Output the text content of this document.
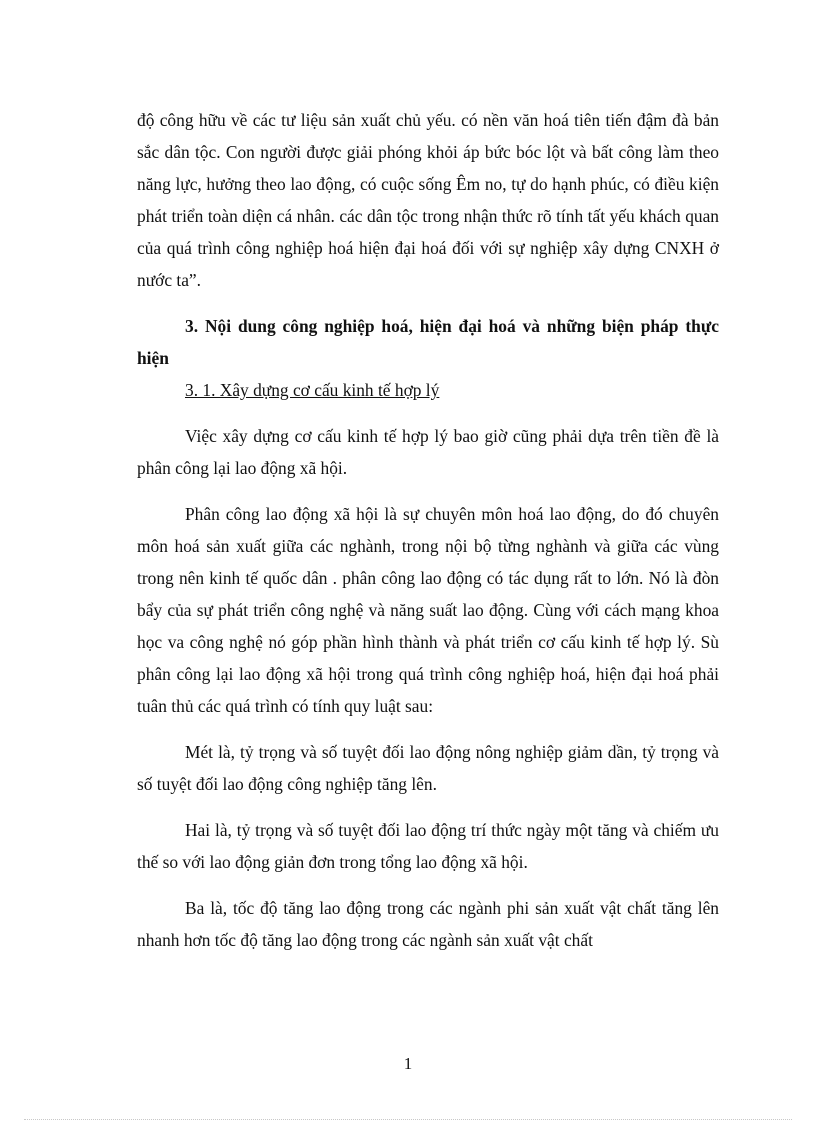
độ công hữu về các tư liệu sản xuất chủ yếu. có nền văn hoá tiên tiến đậm đà bản sắc dân tộc. Con người được giải phóng khỏi áp bức bóc lột và bất công làm theo năng lực, hưởng theo lao động, có cuộc sống Êm no, tự do hạnh phúc, có điều kiện phát triển toàn diện cá nhân. các dân tộc trong nhận thức rõ tính tất yếu khách quan của quá trình công nghiệp hoá hiện đại hoá đối với sự nghiệp xây dựng CNXH ở nước ta”.

3. Nội dung công nghiệp hoá, hiện đại hoá và những biện pháp thực hiện

3. 1. Xây dựng cơ cấu kinh tế hợp lý

Việc xây dựng cơ cấu kinh tế hợp lý bao giờ cũng phải dựa trên tiền đề là phân công lại lao động xã hội.

Phân công lao động xã hội là sự chuyên môn hoá lao động, do đó chuyên môn hoá sản xuất giữa các nghành, trong nội bộ từng nghành và giữa các vùng trong nên kinh tế quốc dân . phân công lao động có tác dụng rất to lớn. Nó là đòn bẩy của sự phát triển công nghệ và năng suất lao động. Cùng với cách mạng khoa học va công nghệ nó góp phần hình thành và phát triển cơ cấu kinh tế hợp lý. Sù phân công lại lao động xã hội trong quá trình công nghiệp hoá, hiện đại hoá phải tuân thủ các quá trình có tính quy luật sau:

Mét là, tỷ trọng và số tuyệt đối lao động nông nghiệp giảm dần, tỷ trọng và số tuyệt đối lao động công nghiệp tăng lên.

Hai là, tỷ trọng và số tuyệt đối lao động trí thức ngày một tăng và chiếm ưu thế so với lao động giản đơn trong tổng lao động xã hội.

Ba là, tốc độ tăng lao động trong các ngành phi sản xuất vật chất tăng lên nhanh hơn tốc độ tăng lao động trong các ngành sản xuất vật chất

1
